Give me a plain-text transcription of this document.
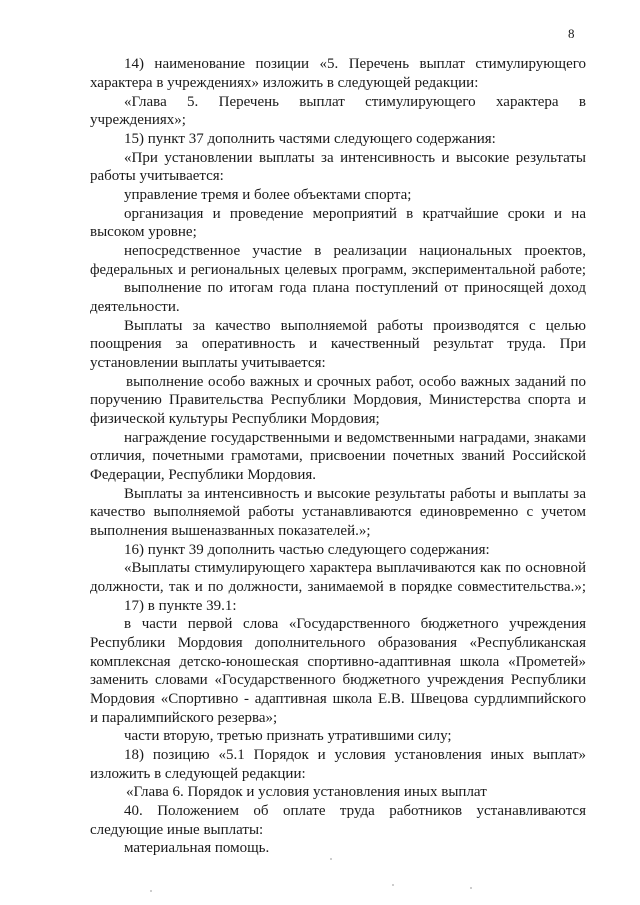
8
14) наименование позиции «5. Перечень выплат стимулирующего
характера в учреждениях» изложить в следующей редакции:
«Глава 5. Перечень выплат стимулирующего характера в
учреждениях»;
15) пункт 37 дополнить частями следующего содержания:
«При установлении выплаты за интенсивность и высокие результаты
работы учитывается:
управление тремя и более объектами спорта;
организация и проведение мероприятий в кратчайшие сроки и на
высоком уровне;
непосредственное участие в реализации национальных проектов,
федеральных и региональных целевых программ, экспериментальной работе;
выполнение по итогам года плана поступлений от приносящей доход
деятельности.
Выплаты за качество выполняемой работы производятся с целью
поощрения за оперативность и качественный результат труда. При
установлении выплаты учитывается:
выполнение особо важных и срочных работ, особо важных заданий по
поручению Правительства Республики Мордовия, Министерства спорта и
физической культуры Республики Мордовия;
награждение государственными и ведомственными наградами, знаками
отличия, почетными грамотами, присвоении почетных званий Российской
Федерации, Республики Мордовия.
Выплаты за интенсивность и высокие результаты работы и выплаты за
качество выполняемой работы устанавливаются единовременно с учетом
выполнения вышеназванных показателей.»;
16) пункт 39 дополнить частью следующего содержания:
«Выплаты стимулирующего характера выплачиваются как по основной
должности, так и по должности, занимаемой в порядке совместительства.»;
17) в пункте 39.1:
в части первой слова «Государственного бюджетного учреждения
Республики Мордовия дополнительного образования «Республиканская
комплексная детско-юношеская спортивно-адаптивная школа «Прометей»
заменить словами «Государственного бюджетного учреждения Республики
Мордовия «Спортивно - адаптивная школа Е.В. Швецова сурдлимпийского
и паралимпийского резерва»;
части вторую, третью признать утратившими силу;
18) позицию «5.1 Порядок и условия установления иных выплат»
изложить в следующей редакции:
«Глава 6. Порядок и условия установления иных выплат
40. Положением об оплате труда работников устанавливаются
следующие иные выплаты:
материальная помощь.
